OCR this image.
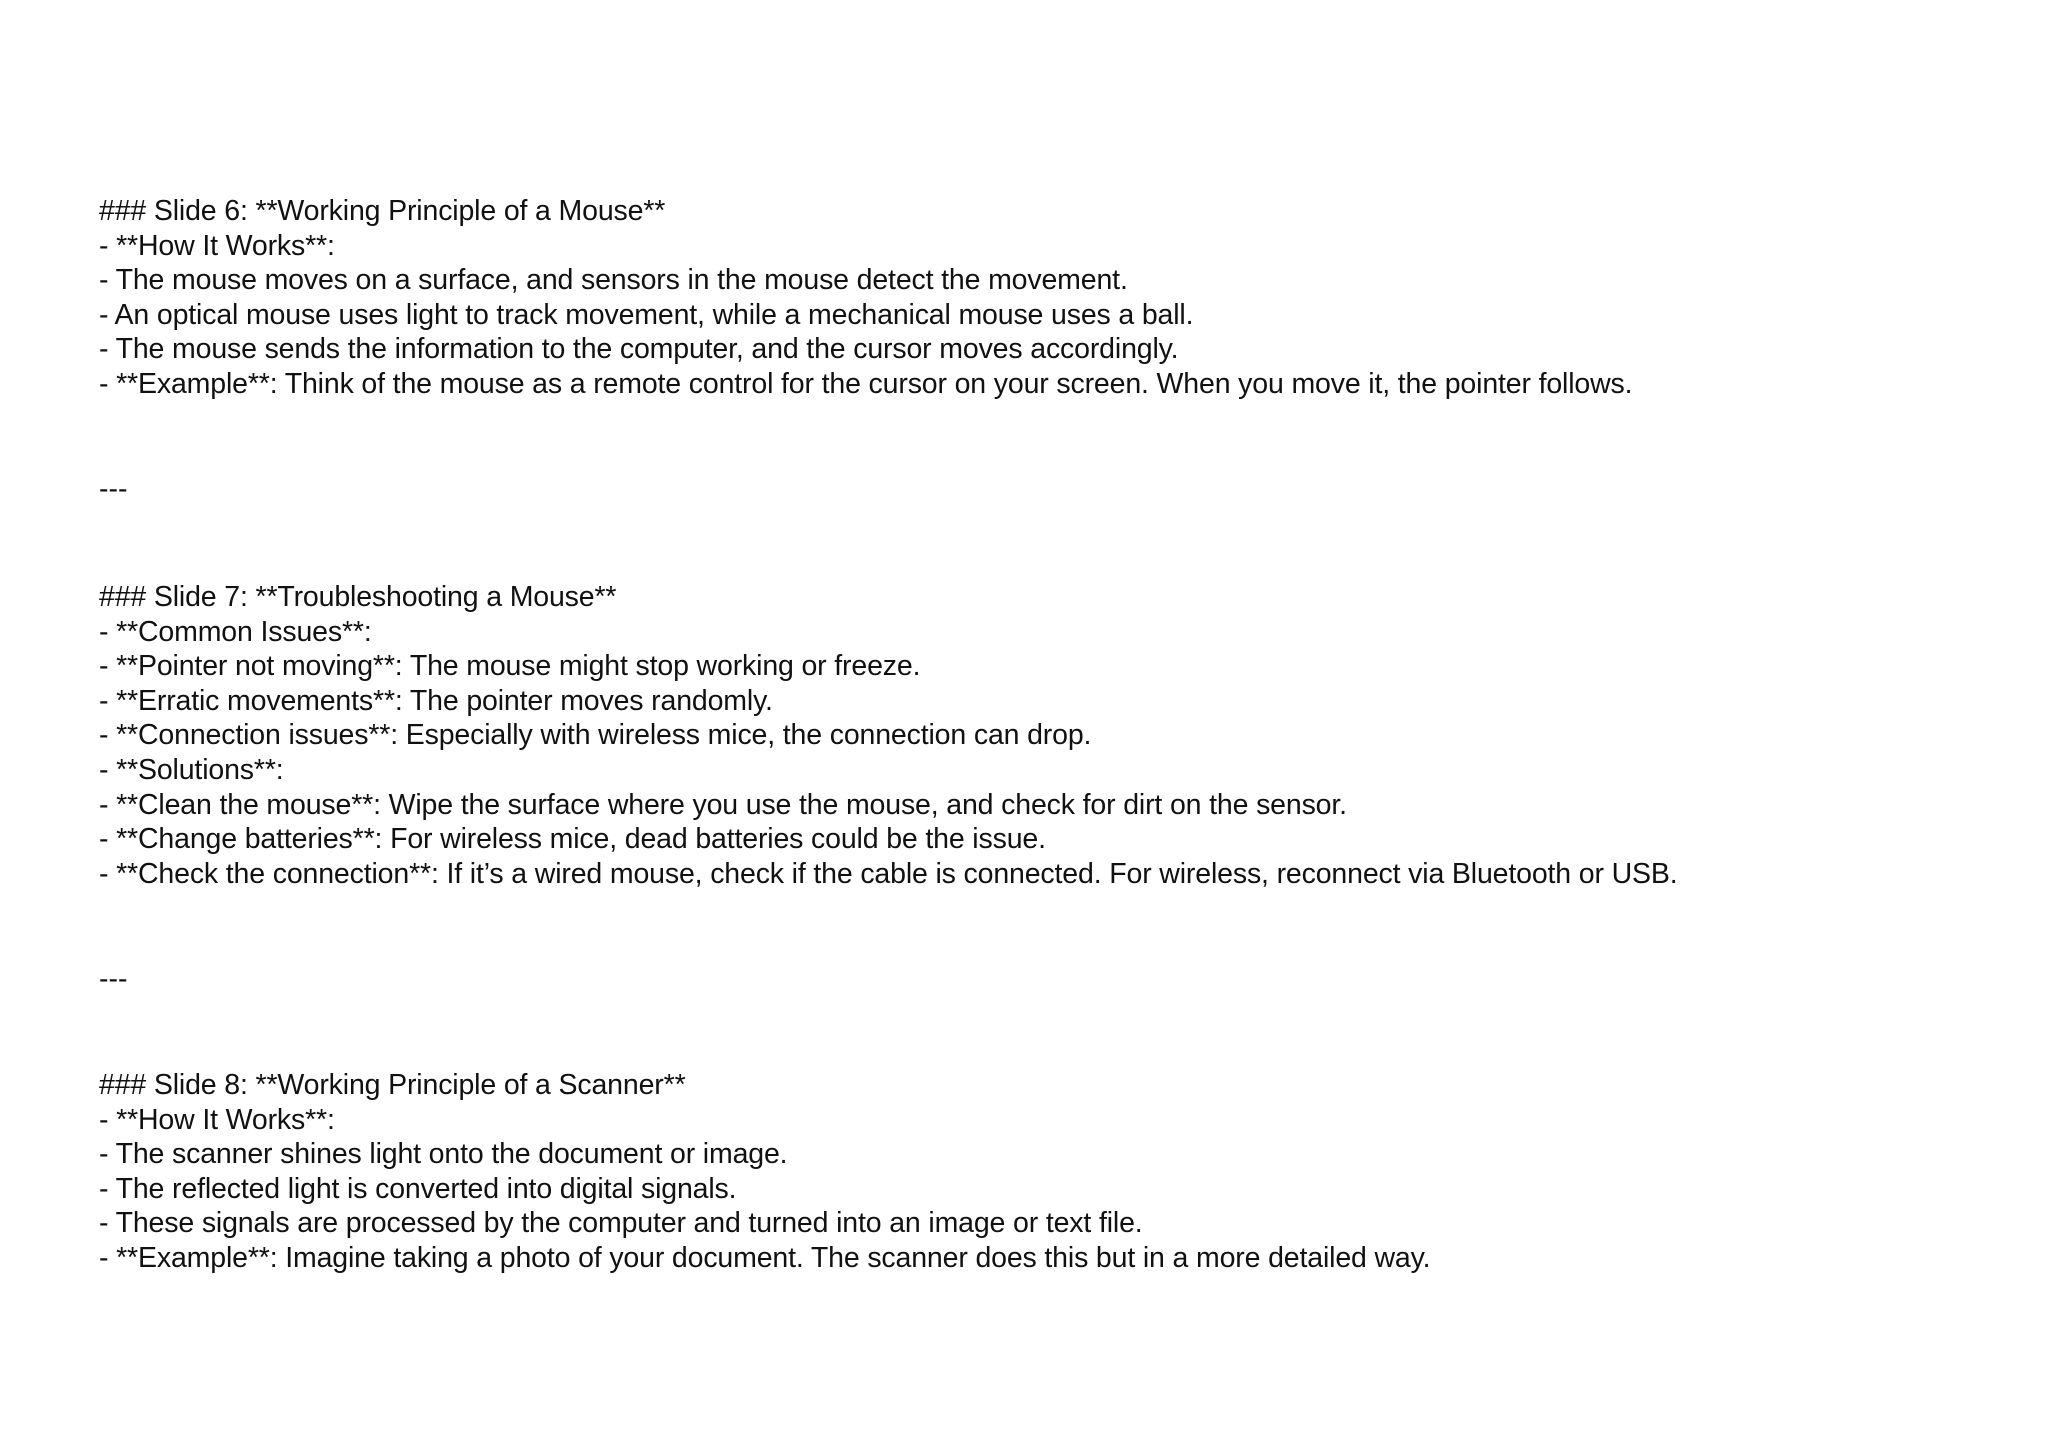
### Slide 6: **Working Principle of a Mouse**
- **How It Works**:
- The mouse moves on a surface, and sensors in the mouse detect the movement.
- An optical mouse uses light to track movement, while a mechanical mouse uses a ball.
- The mouse sends the information to the computer, and the cursor moves accordingly.
- **Example**: Think of the mouse as a remote control for the cursor on your screen. When you move it, the pointer follows.
---
### Slide 7: **Troubleshooting a Mouse**
- **Common Issues**:
- **Pointer not moving**: The mouse might stop working or freeze.
- **Erratic movements**: The pointer moves randomly.
- **Connection issues**: Especially with wireless mice, the connection can drop.
- **Solutions**:
- **Clean the mouse**: Wipe the surface where you use the mouse, and check for dirt on the sensor.
- **Change batteries**: For wireless mice, dead batteries could be the issue.
- **Check the connection**: If it’s a wired mouse, check if the cable is connected. For wireless, reconnect via Bluetooth or USB.
---
### Slide 8: **Working Principle of a Scanner**
- **How It Works**:
- The scanner shines light onto the document or image.
- The reflected light is converted into digital signals.
- These signals are processed by the computer and turned into an image or text file.
- **Example**: Imagine taking a photo of your document. The scanner does this but in a more detailed way.
